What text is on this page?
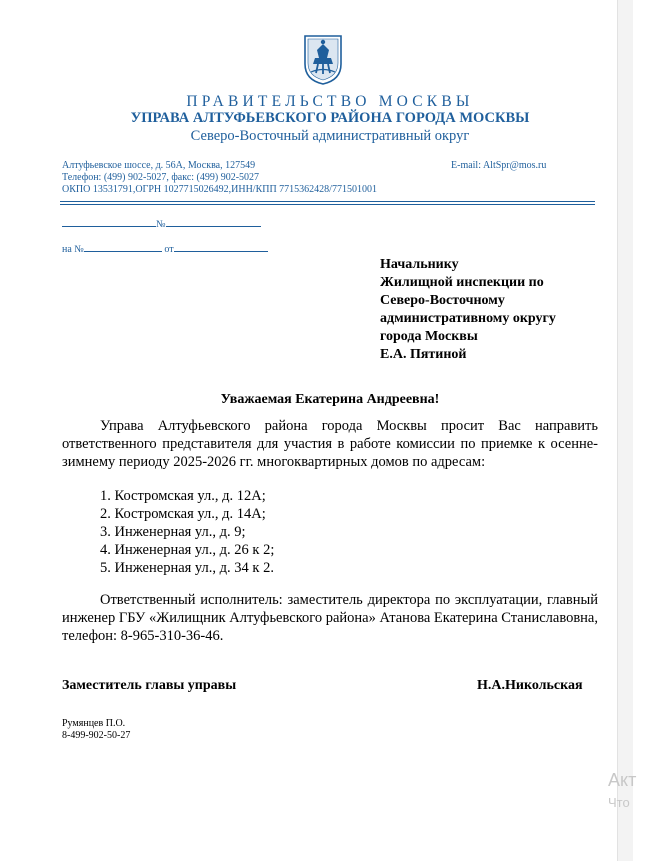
ПРАВИТЕЛЬСТВО МОСКВЫ
УПРАВА АЛТУФЬЕВСКОГО РАЙОНА ГОРОДА МОСКВЫ
Северо-Восточный административный округ
Алтуфьевское шоссе, д. 56А, Москва, 127549
Телефон: (499) 902-5027, факс: (499) 902-5027
ОКПО 13531791,ОГРН 1027715026492,ИНН/КПП 7715362428/771501001
E-mail: AltSpr@mos.ru
№
на №	от
Начальнику
Жилищной инспекции по
Северо-Восточному
административному округу
города Москвы
Е.А. Пятиной
Уважаемая Екатерина Андреевна!
Управа Алтуфьевского района города Москвы просит Вас направить ответственного представителя для участия в работе комиссии по приемке к осенне-зимнему периоду 2025-2026 гг. многоквартирных домов по адресам:
1. Костромская ул., д. 12А;
2. Костромская ул., д. 14А;
3. Инженерная ул., д. 9;
4. Инженерная ул., д. 26 к 2;
5. Инженерная ул., д. 34 к 2.
Ответственный исполнитель: заместитель директора по эксплуатации, главный инженер ГБУ «Жилищник Алтуфьевского района» Атанова Екатерина Станиславовна, телефон: 8-965-310-36-46.
Заместитель главы управы	Н.А.Никольская
Румянцев П.О.
8-499-902-50-27
Акт
Что
